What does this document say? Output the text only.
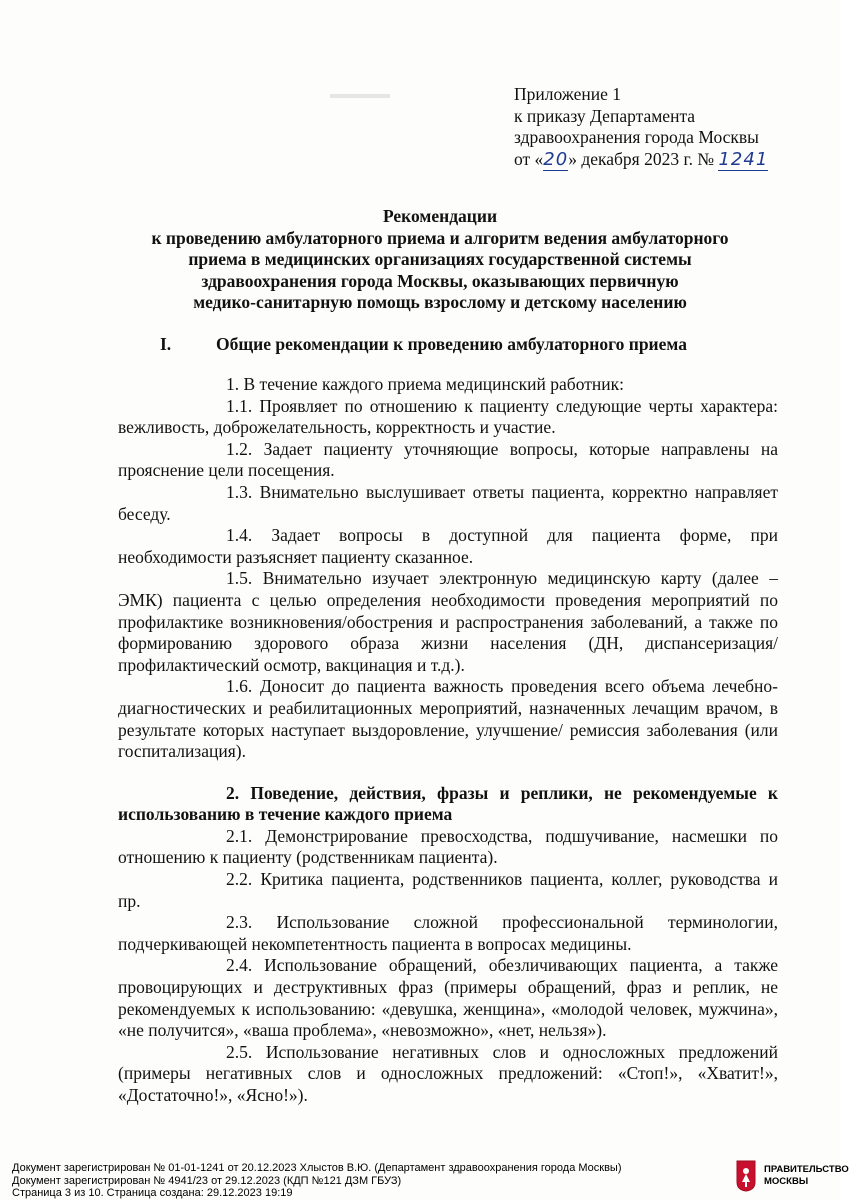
Приложение 1
к приказу Департамента
здравоохранения города Москвы
от «20» декабря 2023 г. № 1241
Рекомендации
к проведению амбулаторного приема и алгоритм ведения амбулаторного
приема в медицинских организациях государственной системы
здравоохранения города Москвы, оказывающих первичную
медико-санитарную помощь взрослому и детскому населению
I.	Общие рекомендации к проведению амбулаторного приема

1. В течение каждого приема медицинский работник:

1.1. Проявляет по отношению к пациенту следующие черты характера: вежливость, доброжелательность, корректность и участие.

1.2. Задает пациенту уточняющие вопросы, которые направлены на прояснение цели посещения.

1.3. Внимательно выслушивает ответы пациента, корректно направляет беседу.

1.4. Задает вопросы в доступной для пациента форме, при необходимости разъясняет пациенту сказанное.

1.5. Внимательно изучает электронную медицинскую карту (далее – ЭМК) пациента с целью определения необходимости проведения мероприятий по профилактике возникновения/обострения и распространения заболеваний, а также по формированию здорового образа жизни населения (ДН, диспансеризация/профилактический осмотр, вакцинация и т.д.).

1.6. Доносит до пациента важность проведения всего объема лечебно-диагностических и реабилитационных мероприятий, назначенных лечащим врачом, в результате которых наступает выздоровление, улучшение/ ремиссия заболевания (или госпитализация).

2. Поведение, действия, фразы и реплики, не рекомендуемые к использованию в течение каждого приема

2.1. Демонстрирование превосходства, подшучивание, насмешки по отношению к пациенту (родственникам пациента).

2.2. Критика пациента, родственников пациента, коллег, руководства и пр.

2.3. Использование сложной профессиональной терминологии, подчеркивающей некомпетентность пациента в вопросах медицины.

2.4. Использование обращений, обезличивающих пациента, а также провоцирующих и деструктивных фраз (примеры обращений, фраз и реплик, не рекомендуемых к использованию: «девушка, женщина», «молодой человек, мужчина», «не получится», «ваша проблема», «невозможно», «нет, нельзя»).

2.5. Использование негативных слов и односложных предложений (примеры негативных слов и односложных предложений: «Стоп!», «Хватит!», «Достаточно!», «Ясно!»).

Документ зарегистрирован № 01-01-1241 от 20.12.2023 Хлыстов В.Ю. (Департамент здравоохранения города Москвы)
Документ зарегистрирован № 4941/23 от 29.12.2023 (КДП №121 ДЗМ ГБУЗ)
Страница 3 из 10. Страница создана: 29.12.2023 19:19
ПРАВИТЕЛЬСТВО
МОСКВЫ
